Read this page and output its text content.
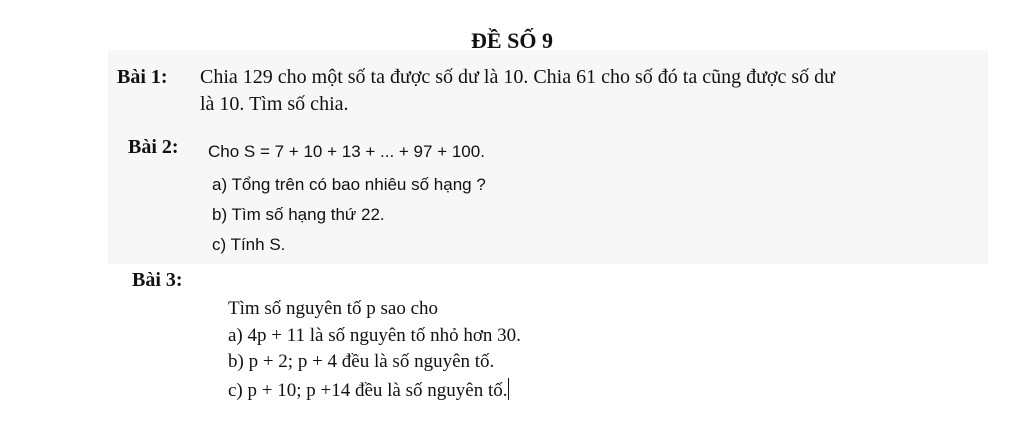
ĐỀ SỐ 9
Bài 1: Chia 129 cho một số ta được số dư là 10. Chia 61 cho số đó ta cũng được số dư
là 10. Tìm số chia.
Bài 2: Cho S = 7 + 10 + 13 + ... + 97 + 100.
a) Tổng trên có bao nhiêu số hạng ?
b) Tìm số hạng thứ 22.
c) Tính S.
Bài 3:
Tìm số nguyên tố p sao cho
a) 4p + 11 là số nguyên tố nhỏ hơn 30.
b) p + 2; p + 4 đều là số nguyên tố.
c) p + 10; p +14 đều là số nguyên tố.
